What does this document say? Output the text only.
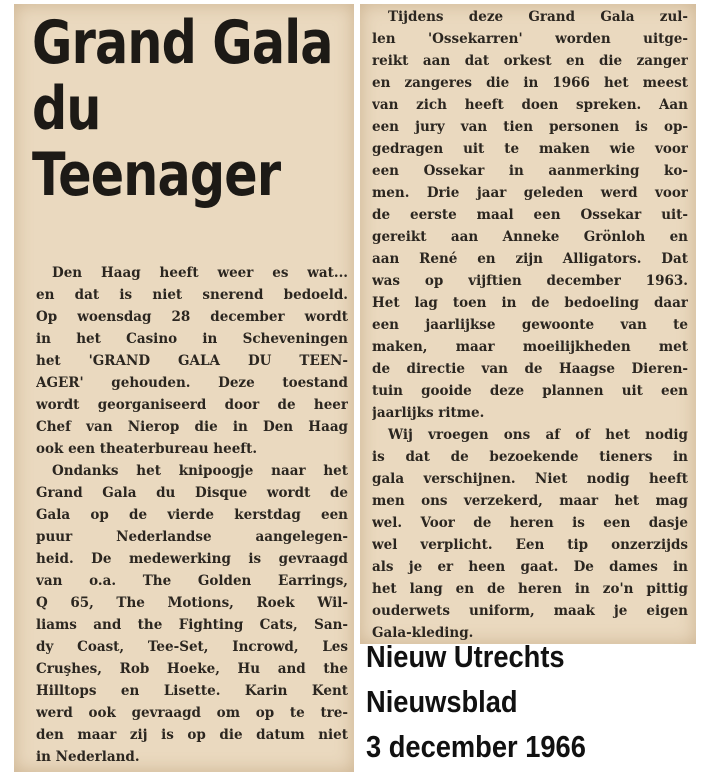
Grand Gala
du
Teenager
Den Haag heeft weer es wat...
en dat is niet snerend bedoeld.
Op woensdag 28 december wordt
in het Casino in Scheveningen
het 'GRAND GALA DU TEEN-
AGER' gehouden. Deze toestand
wordt georganiseerd door de heer
Chef van Nierop die in Den Haag
ook een theaterbureau heeft.
Ondanks het knipoogje naar het
Grand Gala du Disque wordt de
Gala op de vierde kerstdag een
puur Nederlandse aangelegen-
heid. De medewerking is gevraagd
van o.a. The Golden Earrings,
Q 65, The Motions, Roek Wil-
liams and the Fighting Cats, San-
dy Coast, Tee-Set, Incrowd, Les
Cruşhes, Rob Hoeke, Hu and the
Hilltops en Lisette. Karin Kent
werd ook gevraagd om op te tre-
den maar zij is op die datum niet
in Nederland.
Tijdens deze Grand Gala zul-
len 'Ossekarren' worden uitge-
reikt aan dat orkest en die zanger
en zangeres die in 1966 het meest
van zich heeft doen spreken. Aan
een jury van tien personen is op-
gedragen uit te maken wie voor
een Ossekar in aanmerking ko-
men. Drie jaar geleden werd voor
de eerste maal een Ossekar uit-
gereikt aan Anneke Grönloh en
aan René en zijn Alligators. Dat
was op vijftien december 1963.
Het lag toen in de bedoeling daar
een jaarlijkse gewoonte van te
maken, maar moeilijkheden met
de directie van de Haagse Dieren-
tuin gooide deze plannen uit een
jaarlijks ritme.
Wij vroegen ons af of het nodig
is dat de bezoekende tieners in
gala verschijnen. Niet nodig heeft
men ons verzekerd, maar het mag
wel. Voor de heren is een dasje
wel verplicht. Een tip onzerzijds
als je er heen gaat. De dames in
het lang en de heren in zo'n pittig
ouderwets uniform, maak je eigen
Gala-kleding.
Nieuw Utrechts
Nieuwsblad
3 december 1966
